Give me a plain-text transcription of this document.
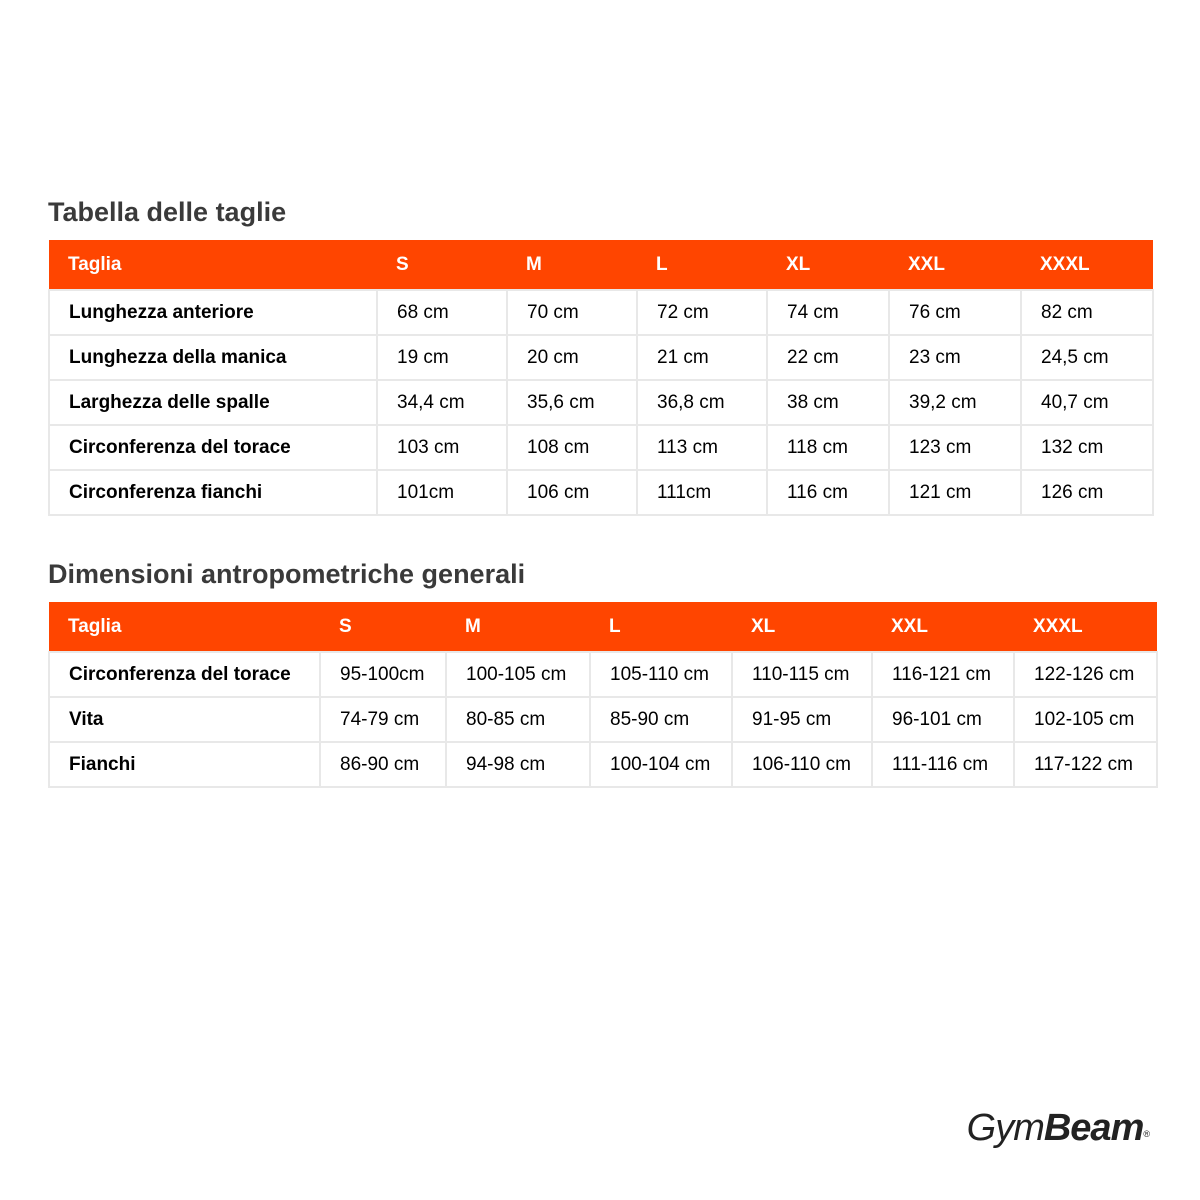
Tabella delle taglie
Taglia	S	M	L	XL	XXL	XXXL
Lunghezza anteriore	68 cm	70 cm	72 cm	74 cm	76 cm	82 cm
Lunghezza della manica	19 cm	20 cm	21 cm	22 cm	23 cm	24,5 cm
Larghezza delle spalle	34,4 cm	35,6 cm	36,8 cm	38 cm	39,2 cm	40,7 cm
Circonferenza del torace	103 cm	108 cm	113 cm	118 cm	123 cm	132 cm
Circonferenza fianchi	101cm	106 cm	111cm	116 cm	121 cm	126 cm
Dimensioni antropometriche generali
Taglia	S	M	L	XL	XXL	XXXL
Circonferenza del torace	95-100cm	100-105 cm	105-110 cm	110-115 cm	116-121 cm	122-126 cm
Vita	74-79 cm	80-85 cm	85-90 cm	91-95 cm	96-101 cm	102-105 cm
Fianchi	86-90 cm	94-98 cm	100-104 cm	106-110 cm	111-116 cm	117-122 cm
GymBeam®
